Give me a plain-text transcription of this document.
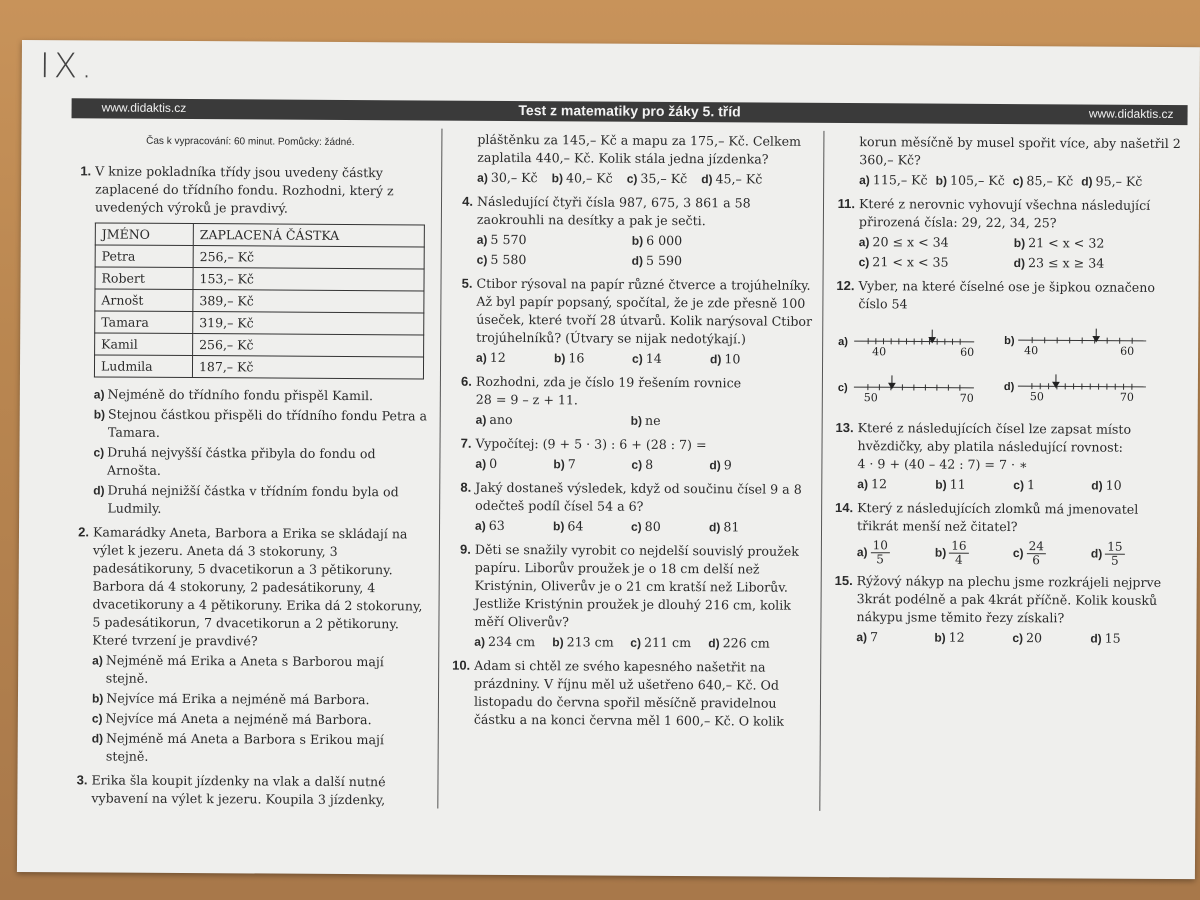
IX.
www.didaktis.cz	Test z matematiky pro žáky 5. tříd	www.didaktis.cz
Čas k vypracování: 60 minut. Pomůcky: žádné.
1. V knize pokladníka třídy jsou uvedeny částky zaplacené do třídního fondu. Rozhodni, který z uvedených výroků je pravdivý.
JMÉNO	ZAPLACENÁ ČÁSTKA
Petra	256,– Kč
Robert	153,– Kč
Arnošt	389,– Kč
Tamara	319,– Kč
Kamil	256,– Kč
Ludmila	187,– Kč
a) Nejméně do třídního fondu přispěl Kamil.
b) Stejnou částkou přispěli do třídního fondu Petra a Tamara.
c) Druhá nejvyšší částka přibyla do fondu od Arnošta.
d) Druhá nejnižší částka v třídním fondu byla od Ludmily.
2. Kamarádky Aneta, Barbora a Erika se skládají na výlet k jezeru. Aneta dá 3 stokoruny, 3 padesátikoruny, 5 dvacetikorun a 3 pětikoruny. Barbora dá 4 stokoruny, 2 padesátikoruny, 4 dvacetikoruny a 4 pětikoruny. Erika dá 2 stokoruny, 5 padesátikorun, 7 dvacetikorun a 2 pětikoruny. Které tvrzení je pravdivé?
a) Nejméně má Erika a Aneta s Barborou mají stejně.
b) Nejvíce má Erika a nejméně má Barbora.
c) Nejvíce má Aneta a nejméně má Barbora.
d) Nejméně má Aneta a Barbora s Erikou mají stejně.
3. Erika šla koupit jízdenky na vlak a další nutné vybavení na výlet k jezeru. Koupila 3 jízdenky,
pláštěnku za 145,– Kč a mapu za 175,– Kč. Celkem zaplatila 440,– Kč. Kolik stála jedna jízdenka?
a) 30,– Kč b) 40,– Kč c) 35,– Kč d) 45,– Kč
4. Následující čtyři čísla 987, 675, 3 861 a 58 zaokrouhli na desítky a pak je sečti.
a) 5 570	b) 6 000
c) 5 580	d) 5 590
5. Ctibor rýsoval na papír různé čtverce a trojúhelníky. Až byl papír popsaný, spočítal, že je zde přesně 100 úseček, které tvoří 28 útvarů. Kolik narýsoval Ctibor trojúhelníků? (Útvary se nijak nedotýkají.)
a) 12	b) 16	c) 14	d) 10
6. Rozhodni, zda je číslo 19 řešením rovnice
28 = 9 – z + 11.
a) ano	b) ne
7. Vypočítej: (9 + 5 · 3) : 6 + (28 : 7) =
a) 0	b) 7	c) 8	d) 9
8. Jaký dostaneš výsledek, když od součinu čísel 9 a 8 odečteš podíl čísel 54 a 6?
a) 63	b) 64	c) 80	d) 81
9. Děti se snažily vyrobit co nejdelší souvislý proužek papíru. Liborův proužek je o 18 cm delší než Kristýnin, Oliverův je o 21 cm kratší než Liborův. Jestliže Kristýnin proužek je dlouhý 216 cm, kolik měří Oliverův?
a) 234 cm	b) 213 cm	c) 211 cm	d) 226 cm
10. Adam si chtěl ze svého kapesného našetřit na prázdniny. V říjnu měl už ušetřeno 640,– Kč. Od listopadu do června spořil měsíčně pravidelnou částku a na konci června měl 1 600,– Kč. O kolik
korun měsíčně by musel spořit více, aby našetřil 2 360,– Kč?
a) 115,– Kč b) 105,– Kč c) 85,– Kč d) 95,– Kč
11. Které z nerovnic vyhovují všechna následující přirozená čísla: 29, 22, 34, 25?
a) 20 ≤ x < 34	b) 21 < x < 32
c) 21 < x < 35	d) 23 ≤ x ≥ 34
12. Vyber, na které číselné ose je šipkou označeno číslo 54
a)	b)
c)	d)
40	60	40	60
50	70	50	70
13. Které z následujících čísel lze zapsat místo hvězdičky, aby platila následující rovnost:
4 · 9 + (40 – 42 : 7) = 7 · ∗
a) 12	b) 11	c) 1	d) 10
14. Který z následujících zlomků má jmenovatel třikrát menší než čitatel?
$a) \frac{10}{5}$	$b) \frac{16}{4}$	$c) \frac{24}{6}$	$d) \frac{15}{5}$
15. Rýžový nákyp na plechu jsme rozkrájeli nejprve 3krát podélně a pak 4krát příčně. Kolik kousků nákypu jsme těmito řezy získali?
a) 7	b) 12	c) 20	d) 15
